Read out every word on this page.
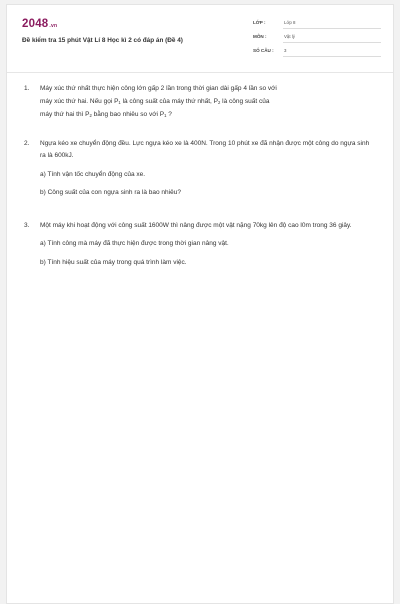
2048.vn
Đề kiểm tra 15 phút Vật Lí 8 Học kì 2 có đáp án (Đề 4)
LỚP :	Lớp 8
MÔN :	Vật lý
SỐ CÂU : 3
1. Máy xúc thứ nhất thực hiện công lớn gấp 2 lần trong thời gian dài gấp 4 lần so với
máy xúc thứ hai. Nếu gọi $P_1$ là công suất của máy thứ nhất, $P_2$ là công suất của
máy thứ hai thì $P_2$ bằng bao nhiêu so với $P_1$ ?
2. Ngựa kéo xe chuyển động đều. Lực ngựa kéo xe là 400N. Trong 10 phút xe đã nhận được một công do ngựa sinh ra là 600kJ.
a) Tính vận tốc chuyển động của xe.
b) Công suất của con ngựa sinh ra là bao nhiêu?
3. Một máy khi hoạt động với công suất 1600W thì nâng được một vật nặng 70kg lên độ cao l0m trong 36 giây.
a) Tính công mà máy đã thực hiện được trong thời gian nâng vật.
b) Tính hiệu suất của máy trong quá trình làm việc.
